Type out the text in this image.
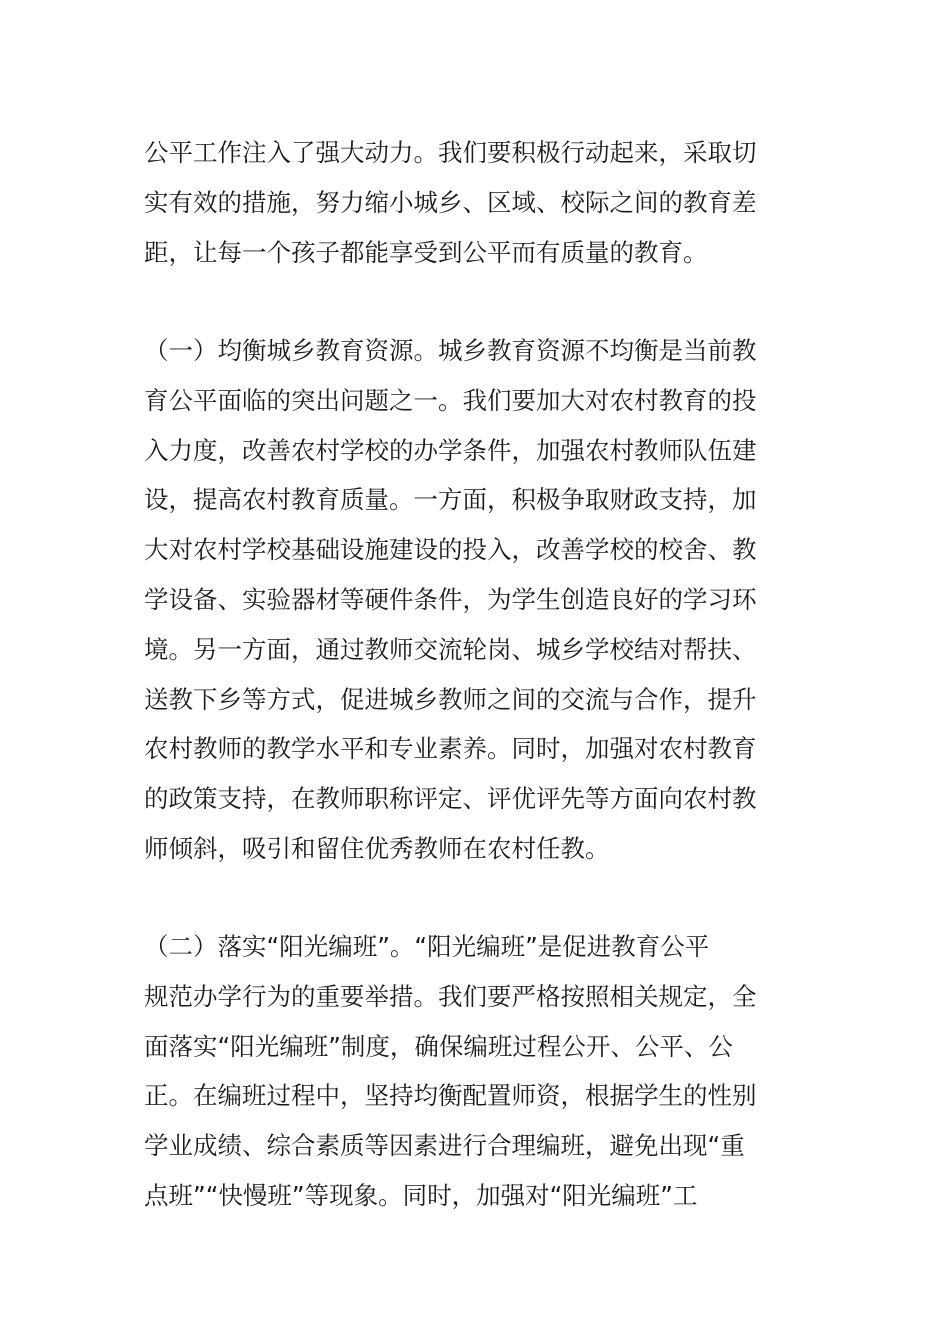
公平工作注入了强大动力。我们要积极行动起来，采取切
实有效的措施，努力缩小城乡、区域、校际之间的教育差
距，让每一个孩子都能享受到公平而有质量的教育。
（一）均衡城乡教育资源。城乡教育资源不均衡是当前教
育公平面临的突出问题之一。我们要加大对农村教育的投
入力度，改善农村学校的办学条件，加强农村教师队伍建
设，提高农村教育质量。一方面，积极争取财政支持，加
大对农村学校基础设施建设的投入，改善学校的校舍、教
学设备、实验器材等硬件条件，为学生创造良好的学习环
境。另一方面，通过教师交流轮岗、城乡学校结对帮扶、
送教下乡等方式，促进城乡教师之间的交流与合作，提升
农村教师的教学水平和专业素养。同时，加强对农村教育
的政策支持，在教师职称评定、评优评先等方面向农村教
师倾斜，吸引和留住优秀教师在农村任教。
（二）落实“阳光编班”。“阳光编班”是促进教育公平
规范办学行为的重要举措。我们要严格按照相关规定，全
面落实“阳光编班”制度，确保编班过程公开、公平、公
正。在编班过程中，坚持均衡配置师资，根据学生的性别
学业成绩、综合素质等因素进行合理编班，避免出现“重
点班”“快慢班”等现象。同时，加强对“阳光编班”工
